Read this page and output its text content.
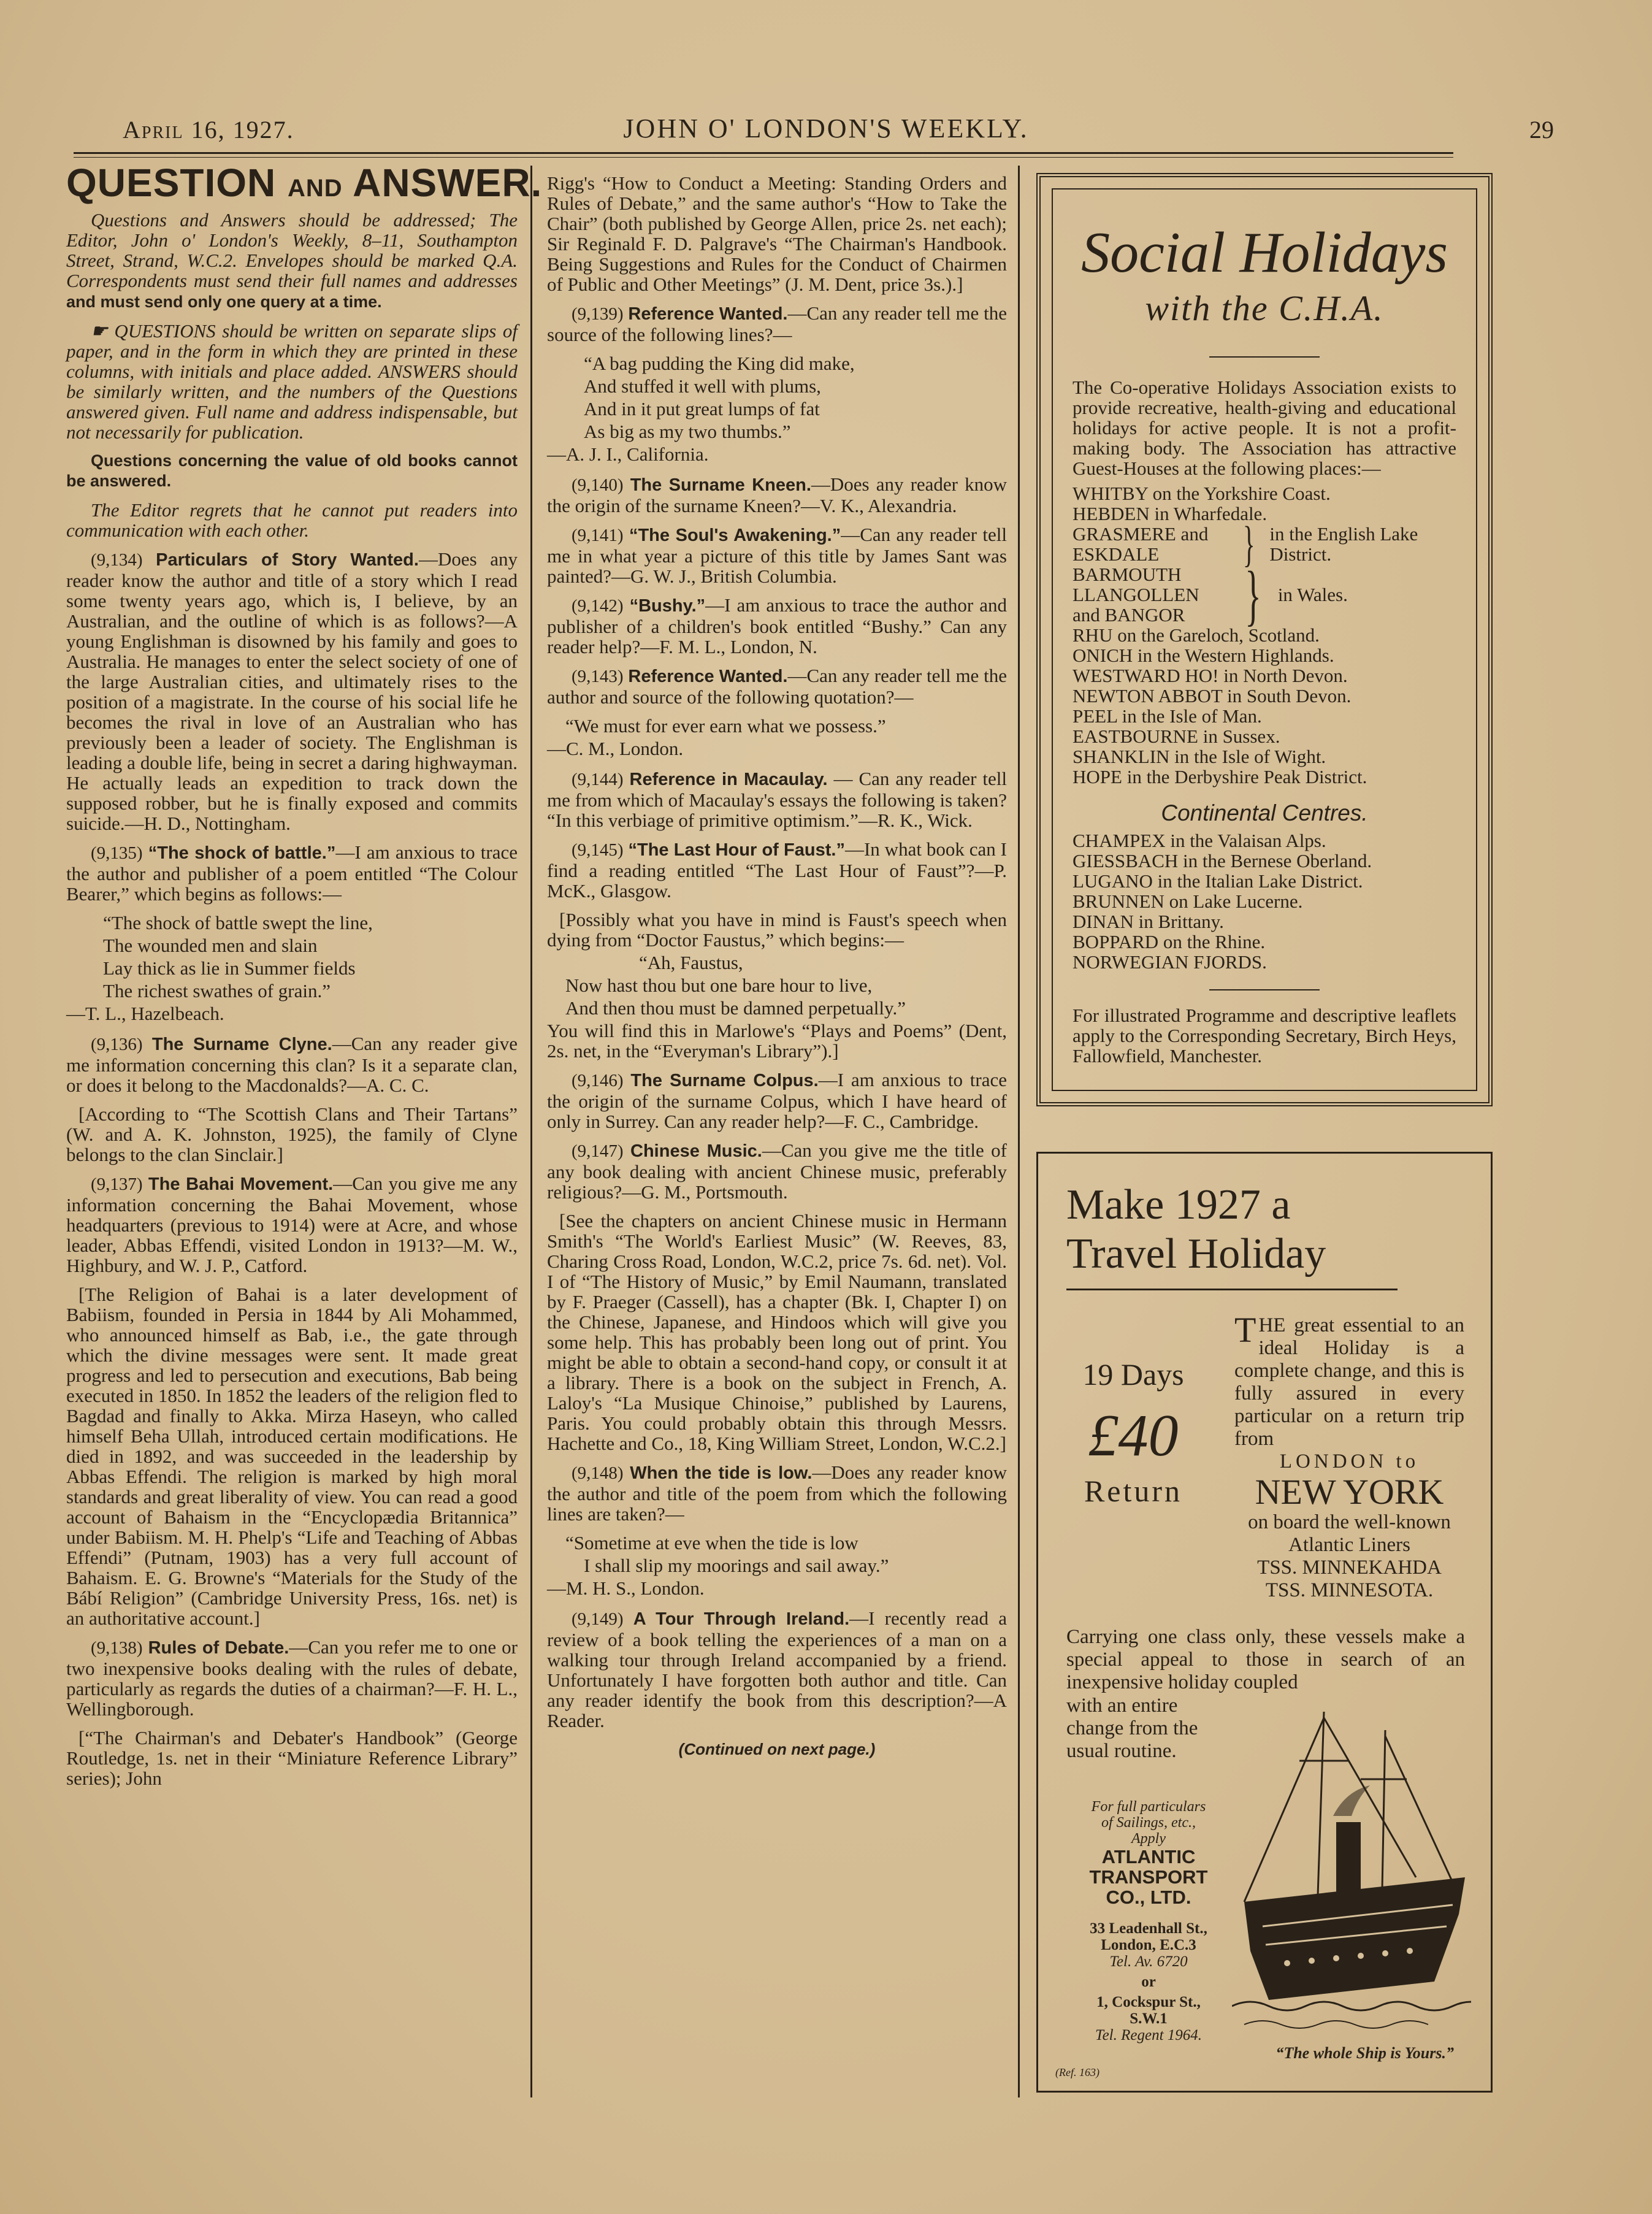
April 16, 1927.	JOHN O' LONDON'S WEEKLY.	29
QUESTION AND ANSWER.

Questions and Answers should be addressed; The Editor, John o' London's Weekly, 8–11, Southampton Street, Strand, W.C.2. Envelopes should be marked Q.A. Correspondents must send their full names and addresses and must send only one query at a time.

☛ QUESTIONS should be written on separate slips of paper, and in the form in which they are printed in these columns, with initials and place added. ANSWERS should be similarly written, and the numbers of the Questions answered given. Full name and address indispensable, but not necessarily for publication.

Questions concerning the value of old books cannot be answered.

The Editor regrets that he cannot put readers into communication with each other.

(9,134) Particulars of Story Wanted.—Does any reader know the author and title of a story which I read some twenty years ago, which is, I believe, by an Australian, and the outline of which is as follows?—A young Englishman is disowned by his family and goes to Australia. He manages to enter the select society of one of the large Australian cities, and ultimately rises to the position of a magistrate. In the course of his social life he becomes the rival in love of an Australian who has previously been a leader of society. The Englishman is leading a double life, being in secret a daring highwayman. He actually leads an expedition to track down the supposed robber, but he is finally exposed and commits suicide.—H. D., Nottingham.

(9,135) “The shock of battle.”—I am anxious to trace the author and publisher of a poem entitled “The Colour Bearer,” which begins as follows:—

“The shock of battle swept the line,
The wounded men and slain
Lay thick as lie in Summer fields
The richest swathes of grain.”
—T. L., Hazelbeach.

(9,136) The Surname Clyne.—Can any reader give me information concerning this clan? Is it a separate clan, or does it belong to the Macdonalds?—A. C. C.

[According to “The Scottish Clans and Their Tartans” (W. and A. K. Johnston, 1925), the family of Clyne belongs to the clan Sinclair.]

(9,137) The Bahai Movement.—Can you give me any information concerning the Bahai Movement, whose headquarters (previous to 1914) were at Acre, and whose leader, Abbas Effendi, visited London in 1913?—M. W., Highbury, and W. J. P., Catford.

[The Religion of Bahai is a later development of Babiism, founded in Persia in 1844 by Ali Mohammed, who announced himself as Bab, i.e., the gate through which the divine messages were sent. It made great progress and led to persecution and executions, Bab being executed in 1850. In 1852 the leaders of the religion fled to Bagdad and finally to Akka. Mirza Haseyn, who called himself Beha Ullah, introduced certain modifications. He died in 1892, and was succeeded in the leadership by Abbas Effendi. The religion is marked by high moral standards and great liberality of view. You can read a good account of Bahaism in the “Encyclopædia Britannica” under Babiism. M. H. Phelp's “Life and Teaching of Abbas Effendi” (Putnam, 1903) has a very full account of Bahaism. E. G. Browne's “Materials for the Study of the Bábí Religion” (Cambridge University Press, 16s. net) is an authoritative account.]

(9,138) Rules of Debate.—Can you refer me to one or two inexpensive books dealing with the rules of debate, particularly as regards the duties of a chairman?—F. H. L., Wellingborough.

[“The Chairman's and Debater's Handbook” (George Routledge, 1s. net in their “Miniature Reference Library” series); John

Rigg's “How to Conduct a Meeting: Standing Orders and Rules of Debate,” and the same author's “How to Take the Chair” (both published by George Allen, price 2s. net each); Sir Reginald F. D. Palgrave's “The Chairman's Handbook. Being Suggestions and Rules for the Conduct of Chairmen of Public and Other Meetings” (J. M. Dent, price 3s.).]

(9,139) Reference Wanted.—Can any reader tell me the source of the following lines?—

“A bag pudding the King did make,
And stuffed it well with plums,
And in it put great lumps of fat
As big as my two thumbs.”
—A. J. I., California.

(9,140) The Surname Kneen.—Does any reader know the origin of the surname Kneen?—V. K., Alexandria.

(9,141) “The Soul's Awakening.”—Can any reader tell me in what year a picture of this title by James Sant was painted?—G. W. J., British Columbia.

(9,142) “Bushy.”—I am anxious to trace the author and publisher of a children's book entitled “Bushy.” Can any reader help?—F. M. L., London, N.

(9,143) Reference Wanted.—Can any reader tell me the author and source of the following quotation?—

“We must for ever earn what we possess.”
—C. M., London.

(9,144) Reference in Macaulay. — Can any reader tell me from which of Macaulay's essays the following is taken? “In this verbiage of primitive optimism.”—R. K., Wick.

(9,145) “The Last Hour of Faust.”—In what book can I find a reading entitled “The Last Hour of Faust”?—P. McK., Glasgow.

[Possibly what you have in mind is Faust's speech when dying from “Doctor Faustus,” which begins:—

“Ah, Faustus,
Now hast thou but one bare hour to live,
And then thou must be damned perpetually.”

You will find this in Marlowe's “Plays and Poems” (Dent, 2s. net, in the “Everyman's Library”).]

(9,146) The Surname Colpus.—I am anxious to trace the origin of the surname Colpus, which I have heard of only in Surrey. Can any reader help?—F. C., Cambridge.

(9,147) Chinese Music.—Can you give me the title of any book dealing with ancient Chinese music, preferably religious?—G. M., Portsmouth.

[See the chapters on ancient Chinese music in Hermann Smith's “The World's Earliest Music” (W. Reeves, 83, Charing Cross Road, London, W.C.2, price 7s. 6d. net). Vol. I of “The History of Music,” by Emil Naumann, translated by F. Praeger (Cassell), has a chapter (Bk. I, Chapter I) on the Chinese, Japanese, and Hindoos which will give you some help. This has probably been long out of print. You might be able to obtain a second-hand copy, or consult it at a library. There is a book on the subject in French, A. Laloy's “La Musique Chinoise,” published by Laurens, Paris. You could probably obtain this through Messrs. Hachette and Co., 18, King William Street, London, W.C.2.]

(9,148) When the tide is low.—Does any reader know the author and title of the poem from which the following lines are taken?—

“Sometime at eve when the tide is low
I shall slip my moorings and sail away.”
—M. H. S., London.

(9,149) A Tour Through Ireland.—I recently read a review of a book telling the experiences of a man on a walking tour through Ireland accompanied by a friend. Unfortunately I have forgotten both author and title. Can any reader identify the book from this description?—A Reader.

(Continued on next page.)
Social Holidays
with the C.H.A.
The Co-operative Holidays Association exists to provide recreative, health-giving and educational holidays for active people. It is not a profit-making body. The Association has attractive Guest-Houses at the following places:—
WHITBY on the Yorkshire Coast.
HEBDEN in Wharfedale.
GRASMERE and
ESKDALE	} in the English Lake District.
BARMOUTH
LLANGOLLEN
and BANGOR } in Wales.
RHU on the Gareloch, Scotland.
ONICH in the Western Highlands.
WESTWARD HO! in North Devon.
NEWTON ABBOT in South Devon.
PEEL in the Isle of Man.
EASTBOURNE in Sussex.
SHANKLIN in the Isle of Wight.
HOPE in the Derbyshire Peak District.
Continental Centres.
CHAMPEX in the Valaisan Alps.
GIESSBACH in the Bernese Oberland.
LUGANO in the Italian Lake District.
BRUNNEN on Lake Lucerne.
DINAN in Brittany.
BOPPARD on the Rhine.
NORWEGIAN FJORDS.
For illustrated Programme and descriptive leaflets apply to the Corresponding Secretary, Birch Heys, Fallowfield, Manchester.
Make 1927 a
Travel Holiday
19 Days
£40
Return
THE great essential to an ideal Holiday is a complete change, and this is fully assured in every particular on a return trip from
LONDON to
NEW YORK
on board the well-known Atlantic Liners
TSS. MINNEKAHDA
TSS. MINNESOTA.
Carrying one class only, these vessels make a special appeal to those in search of an inexpensive holiday coupled
with an entire change from the usual routine.
For full particulars
of Sailings, etc.,
Apply
ATLANTIC
TRANSPORT
CO., LTD.
33 Leadenhall St.,
London, E.C.3
Tel. Av. 6720
or
1, Cockspur St.,
S.W.1
Tel. Regent 1964.
“The whole Ship is Yours.”
(Ref. 163)
